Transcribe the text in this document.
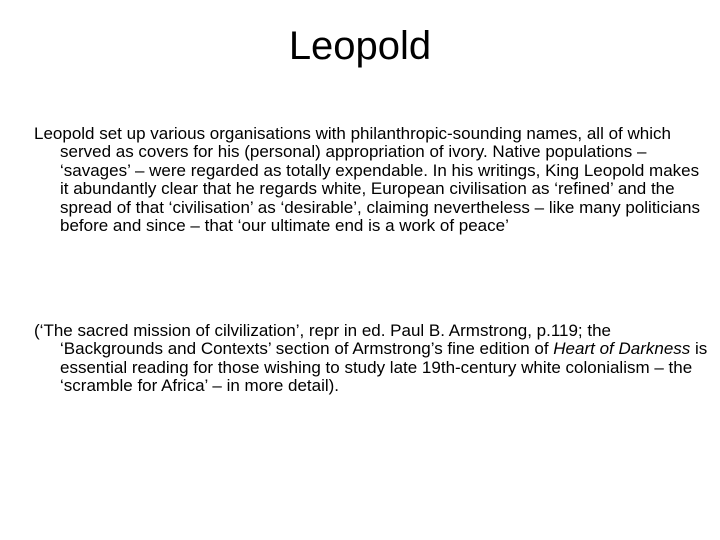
Leopold

Leopold set up various organisations with philanthropic-sounding names, all of which served as covers for his (personal) appropriation of ivory. Native populations – ‘savages’ – were regarded as totally expendable. In his writings, King Leopold makes it abundantly clear that he regards white, European civilisation as ‘refined’ and the spread of that ‘civilisation’ as ‘desirable’, claiming nevertheless – like many politicians before and since – that ‘our ultimate end is a work of peace’

(‘The sacred mission of cilvilization’, repr in ed. Paul B. Armstrong, p.119; the ‘Backgrounds and Contexts’ section of Armstrong’s fine edition of Heart of Darkness is essential reading for those wishing to study late 19th-century white colonialism – the ‘scramble for Africa’ – in more detail).
